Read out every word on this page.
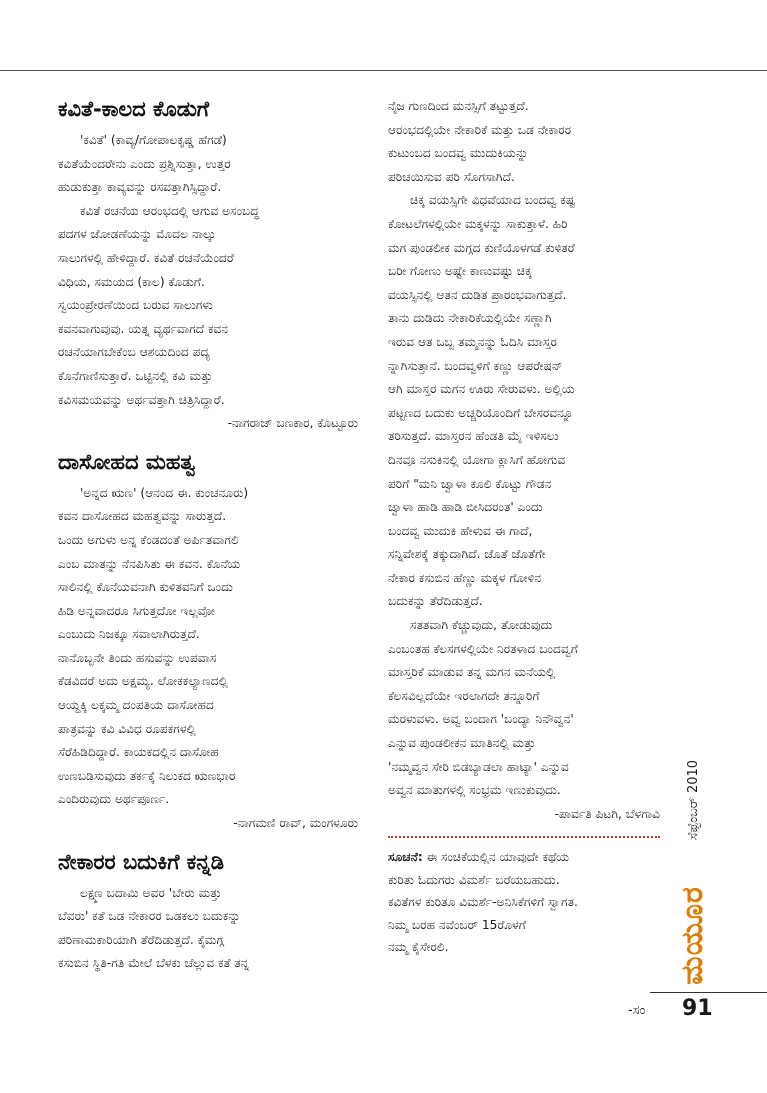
ಕವಿತೆ-ಕಾಲದ ಕೊಡುಗೆ

'ಕವಿತೆ' (ಕಾವ್ಯ/ಗೋಪಾಲಕೃಷ್ಣ ಹೆಗಡೆ)

ಕವಿತೆಯೆಂದರೇನು ಎಂದು ಪ್ರಶ್ನಿಸುತ್ತಾ, ಉತ್ತರ

ಹುಡುಕುತ್ತಾ ಕಾವ್ಯವನ್ನು ರಸವತ್ತಾಗಿಸ್ಸಿದ್ದಾರೆ.

ಕವಿತೆ ರಚನೆಯ ಆರಂಭದಲ್ಲಿ ಆಗುವ ಅಸಂಬದ್ಧ

ಪದಗಳ ಜೋಡಣೆಯನ್ನು ಮೊದಲ ನಾಲ್ಕು

ಸಾಲುಗಳಲ್ಲಿ ಹೇಳಿದ್ದಾರೆ. ಕವಿತೆ ರಚನೆಯೆಂದರೆ

ವಿಧಿಯ, ಸಮಯದ (ಕಾಲ) ಕೊಡುಗೆ.

ಸ್ವಯಂಪ್ರೇರಣೆಯಿಂದ ಬರುವ ಸಾಲುಗಳು

ಕವನವಾಗುವುವು. ಯತ್ನ ವ್ಯರ್ಥವಾಗದೆ ಕವನ

ರಚನೆಯಾಗಬೇಕೆಂಬ ಆಶಯದಿಂದ ಪದ್ಯ

ಕೊನೆಗಾಣಿಸುತ್ತಾರೆ. ಒಟ್ಟಿನಲ್ಲಿ ಕವಿ ಮತ್ತು

ಕವಿಸಮಯವನ್ನು ಅರ್ಥವತ್ತಾಗಿ ಚಿತ್ರಿಸಿದ್ದಾರೆ.

-ನಾಗರಾಜ್ ಬಣಕಾರ, ಕೊಟ್ಟೂರು

ದಾಸೋಹದ ಮಹತ್ವ

'ಅನ್ನದ ಋಣ' (ಆನಂದ ಈ. ಕುಂಚನೂರು)

ಕವನ ದಾಸೋಹದ ಮಹತ್ವವನ್ನು ಸಾರುತ್ತದೆ.

ಒಂದು ಅಗುಳು ಅನ್ನ ಕೆಂಡದಂತೆ ಅರ್ಪಿತವಾಗಲಿ

ಎಂಬ ಮಾತನ್ನು ನೆನಪಿಸಿತು ಈ ಕವನ. ಕೊನೆಯ

ಸಾಲಿನಲ್ಲಿ ಕೊನೆಯವನಾಗಿ ಕುಳಿತವನಿಗೆ ಒಂದು

ಹಿಡಿ ಅನ್ನವಾದರೂ ಸಿಗುತ್ತದೋ ಇಲ್ಲವೋ

ಎಂಬುದು ನಿಜಕ್ಕೂ ಸವಾಲಾಗಿರುತ್ತದೆ.

ನಾನೊಬ್ಬನೇ ತಿಂದು ಹಸುವನ್ನು ಉಪವಾಸ

ಕೆಡವಿದರೆ ಅದು ಅಕ್ಷಮ್ಯ. ಲೋಕಕಲ್ಯಾಣದಲ್ಲಿ

ಆಯ್ದಕ್ಕಿ ಲಕ್ಕಮ್ಮ ದಂಪತಿಯ ದಾಸೋಹದ

ಪಾತ್ರವನ್ನು ಕವಿ ವಿವಿಧ ರೂಪಕಗಳಲ್ಲಿ

ಸೆರೆಹಿಡಿದಿದ್ದಾರೆ. ಕಾಯಕದಲ್ಲಿನ ದಾಸೋಹ

ಉಣಬಡಿಸುವುದು ತರ್ಕಕ್ಕೆ ನಿಲುಕದ ಋಣಭಾರ

ಎಂದಿರುವುದು ಅರ್ಥಪೂರ್ಣ.

-ನಾಗಮಣಿ ರಾವ್, ಮಂಗಳೂರು

ನೇಕಾರರ ಬದುಕಿಗೆ ಕನ್ನಡಿ

ಲಕ್ಷ್ಮಣ ಬದಾಮಿ ಅವರ 'ಬೇರು ಮತ್ತು

ಬೆವರು' ಕತೆ ಒಡ ನೇಕಾರರ ಒಡಕಲು ಬದುಕನ್ನು

ಪರಿಣಾಮಕಾರಿಯಾಗಿ ತೆರೆದಿಡುತ್ತದೆ. ಕೈಮಗ್ಗ

ಕಸುಬಿನ ಸ್ಥಿತಿ-ಗತಿ ಮೇಲೆ ಬೆಳಕು ಚೆಲ್ಲುವ ಕತೆ ತನ್ನ

ನೈಜ ಗುಣದಿಂದ ಮನಸ್ಸಿಗೆ ತಟ್ಟುತ್ತದೆ.

ಆರಂಭದಲ್ಲಿಯೇ ನೇಕಾರಿಕೆ ಮತ್ತು ಒಡ ನೇಕಾರರ

ಕುಟುಂಬದ ಬಂದವ್ವ ಮುದುಕಿಯನ್ನು

ಪರಿಚಯಿಸುವ ಪರಿ ಸೊಗಸಾಗಿದೆ.

ಚಿಕ್ಕ ವಯಸ್ಸಿಗೇ ವಿಧವೆಯಾದ ಬಂದವ್ವ ಕಷ್ಟ

ಕೋಟಲೆಗಳಲ್ಲಿಯೇ ಮಕ್ಕಳನ್ನು ಸಾಕುತ್ತಾಳೆ. ಹಿರಿ

ಮಗ ಪುಂಡಲೀಕ ಮಗ್ಗದ ಕುಣಿಯೊಳಗಡೆ ಕುಳಿತರೆ

ಬರೀ ಗೋಣು ಅಷ್ಟೇ ಕಾಣುವಷ್ಟು ಚಿಕ್ಕ

ವಯಸ್ಸಿನಲ್ಲಿ ಆತನ ದುಡಿತ ಪ್ರಾರಂಭವಾಗುತ್ತದೆ.

ತಾನು ದುಡಿದು ನೇಕಾರಿಕೆಯಲ್ಲಿಯೇ ಸಣ್ಣಾಗಿ

ಇರುವ ಆತ ಒಬ್ಬ ತಮ್ಮನನ್ನು ಓದಿಸಿ ಮಾಸ್ತರ

ನ್ನಾಗಿಸುತ್ತಾನೆ. ಬಂದವ್ವಳಿಗೆ ಕಣ್ಣು ಆಪರೇಷನ್

ಆಗಿ ಮಾಸ್ತರ ಮಗನ ಊರು ಸೇರುವಳು. ಅಲ್ಲಿಯ

ಪಟ್ಟಣದ ಬದುಕು ಅಚ್ಚರಿಯೊಂದಿಗೆ ಬೇಸರವನ್ನೂ

ತರಿಸುತ್ತದೆ. ಮಾಸ್ತರನ ಹೆಂಡತಿ ಮೈ ಇಳಿಸಲು

ದಿನವೂ ನಸುಕಿನಲ್ಲಿ ಯೋಗಾ ಕ್ಲಾಸಿಗೆ ಹೋಗುವ

ಪರಿಗೆ "ಮನಿ ಜ್ವಾಳಾ ಕೂಲಿ ಕೊಟ್ಟು ಗೌಡನ

ಜ್ವಾಳಾ ಹಾಡಿ ಹಾಡಿ ಬೀಸಿದರಂತ' ಎಂದು

ಬಂದವ್ವ ಮುದುಕಿ ಹೇಳುವ ಈ ಗಾದೆ,

ಸನ್ನಿವೇಶಕ್ಕೆ ತಕ್ಕುದಾಗಿದೆ. ಜೊತೆ ಜೊತೆಗೇ

ನೇಕಾರ ಕಸುಬಿನ ಹೆಣ್ಣು ಮಕ್ಕಳ ಗೋಳಿನ

ಬದುಕನ್ನು ತೆರೆದಿಡುತ್ತದೆ.

ಸತತವಾಗಿ ಕೆಚ್ಚುವುದು, ತೋಡುವುದು

ಎಂಬಂತಹ ಕೆಲಸಗಳಲ್ಲಿಯೇ ನಿರತಳಾದ ಬಂದವ್ವಗೆ

ಮಾಸ್ತರಿಕೆ ಮಾಡುವ ತನ್ನ ಮಗನ ಮನೆಯಲ್ಲಿ

ಕೆಲಸವಿಲ್ಲದೆಯೇ ಇರಲಾಗದೇ ತನ್ನೂರಿಗೆ

ಮರಳುವಳು. ಅವ್ವ ಬಂದಾಗ 'ಬಂದ್ಯಾ ನಿನೌವ್ವನ'

ಎನ್ನುವ ಪುಂಡಲೀಕನ ಮಾತಿನಲ್ಲಿ ಮತ್ತು

'ನಮ್ಮವ್ವನ ಸೇರಿ ಬಿಡಬ್ಯಾಡಲಾ ಹಾಟ್ಯಾ' ಎನ್ನುವ

ಅವ್ವನ ಮಾತುಗಳಲ್ಲಿ ಸಂಭ್ರಮ ಇಣುಕುವುದು.

-ಪಾರ್ವತಿ ಪಿಟಗಿ, ಬೆಳಗಾವಿ

ಸೂಚನೆ: ಈ ಸಂಚಿಕೆಯಲ್ಲಿನ ಯಾವುದೇ ಕಥೆಯ

ಕುರಿತು ಓದುಗರು ವಿಮರ್ಶೆ ಬರೆಯಬಹುದು.

ಕವಿತೆಗಳ ಕುರಿತೂ ವಿಮರ್ಶೆ-ಅನಿಸಿಕೆಗಳಿಗೆ ಸ್ವಾಗತ.

ನಿಮ್ಮ ಬರಹ ನವೆಂಬರ್ 15ರೊಳಗೆ

ನಮ್ಮ ಕೈಸೇರಲಿ.

ಸೆಪ್ಟೆಂಬರ್ 2010
ಮಯೂರ
-ಸಂ 91
